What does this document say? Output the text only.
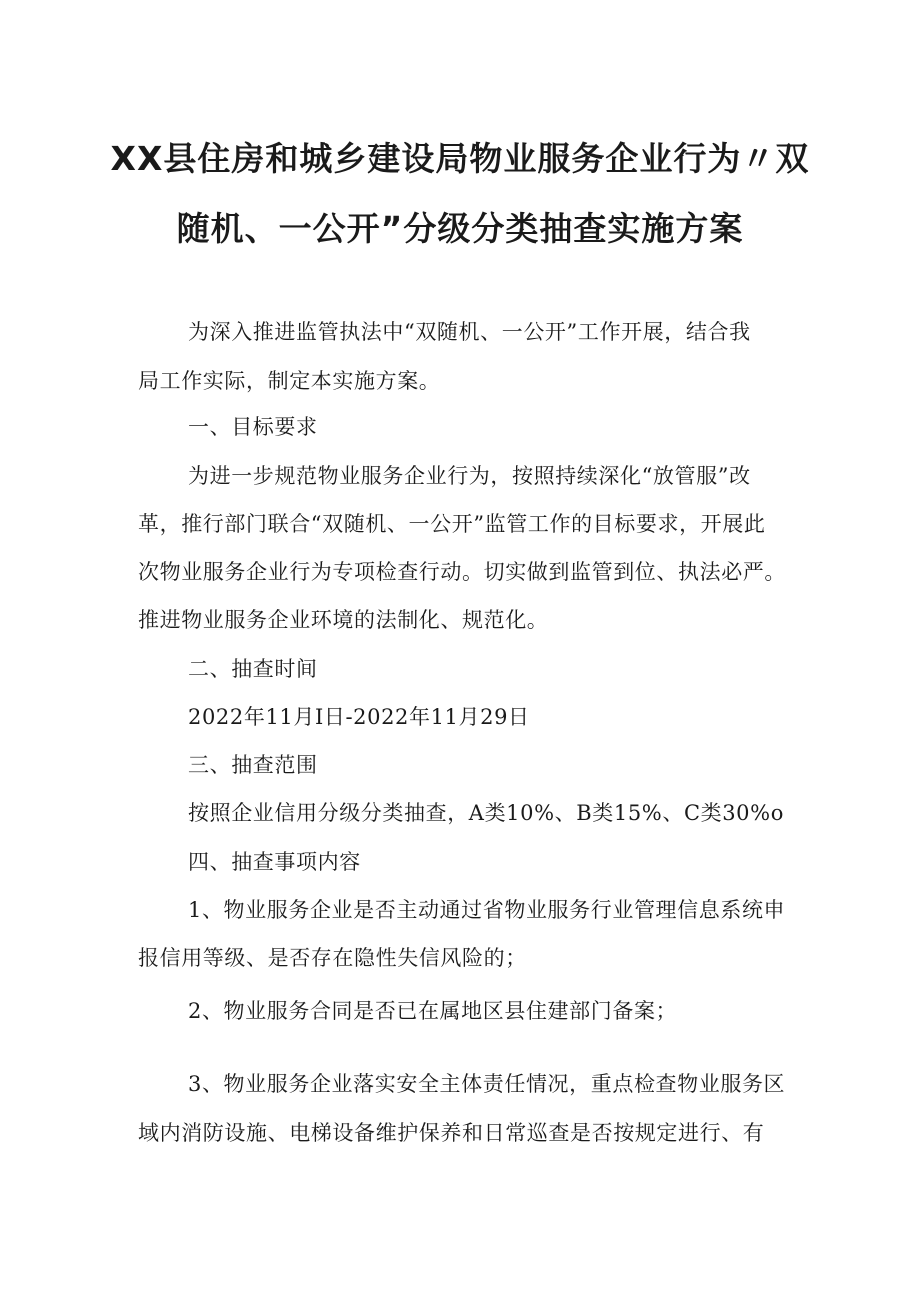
XX县住房和城乡建设局物业服务企业行为〃双
随机、一公开”分级分类抽查实施方案
为深入推进监管执法中“双随机、一公开”工作开展，结合我
局工作实际，制定本实施方案。
一、目标要求
为进一步规范物业服务企业行为，按照持续深化“放管服”改
革，推行部门联合“双随机、一公开”监管工作的目标要求，开展此
次物业服务企业行为专项检查行动。切实做到监管到位、执法必严。
推进物业服务企业环境的法制化、规范化。
二、抽查时间
2022年11月I日-2022年11月29日
三、抽查范围
按照企业信用分级分类抽查，A类10%、B类15%、C类30%o
四、抽查事项内容
1、物业服务企业是否主动通过省物业服务行业管理信息系统申
报信用等级、是否存在隐性失信风险的；
2、物业服务合同是否已在属地区县住建部门备案；
3、物业服务企业落实安全主体责任情况，重点检查物业服务区
域内消防设施、电梯设备维护保养和日常巡查是否按规定进行、有
